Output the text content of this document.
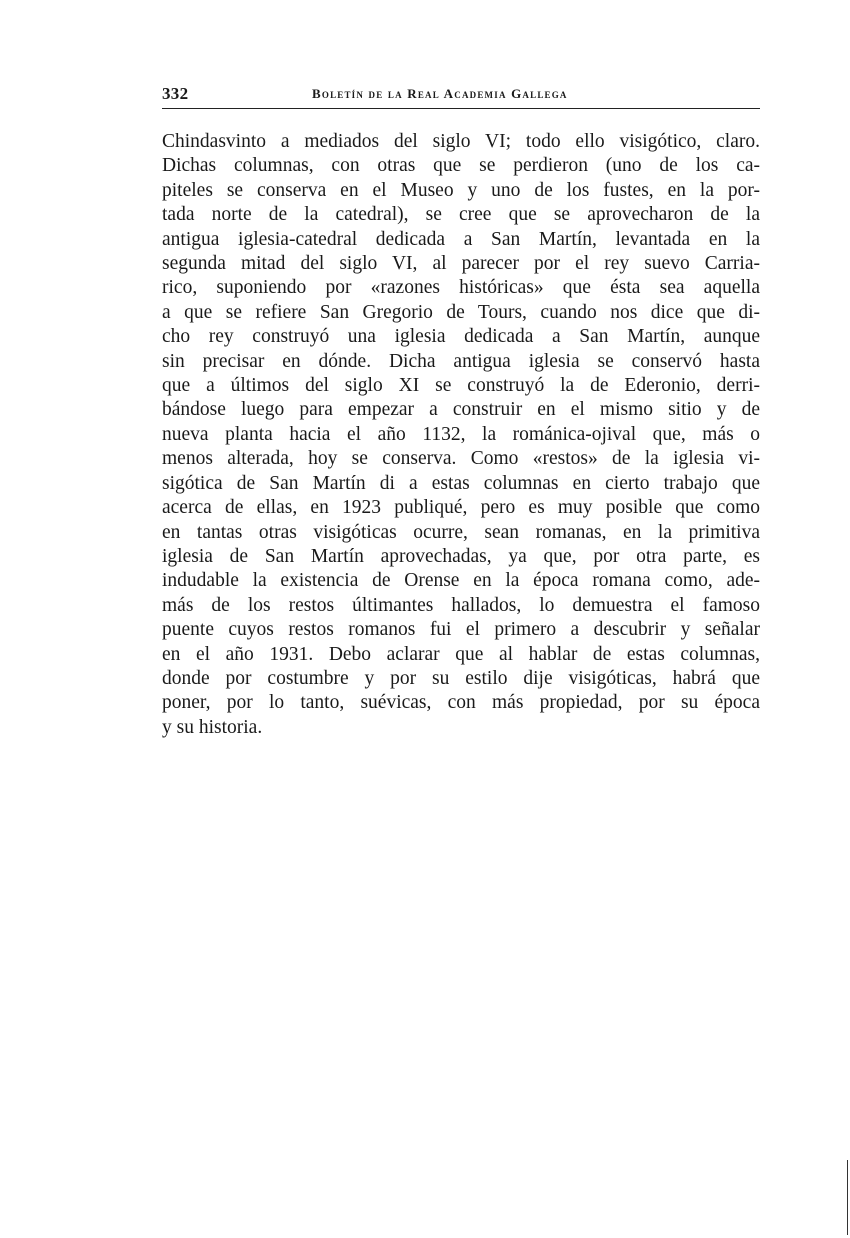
332	Boletín de la Real Academia Gallega
Chindasvinto a mediados del siglo VI; todo ello visigótico, claro.
Dichas columnas, con otras que se perdieron (uno de los ca-
piteles se conserva en el Museo y uno de los fustes, en la por-
tada norte de la catedral), se cree que se aprovecharon de la
antigua iglesia-catedral dedicada a San Martín, levantada en la
segunda mitad del siglo VI, al parecer por el rey suevo Carria-
rico, suponiendo por «razones históricas» que ésta sea aquella
a que se refiere San Gregorio de Tours, cuando nos dice que di-
cho rey construyó una iglesia dedicada a San Martín, aunque
sin precisar en dónde. Dicha antigua iglesia se conservó hasta
que a últimos del siglo XI se construyó la de Ederonio, derri-
bándose luego para empezar a construir en el mismo sitio y de
nueva planta hacia el año 1132, la románica-ojival que, más o
menos alterada, hoy se conserva. Como «restos» de la iglesia vi-
sigótica de San Martín di a estas columnas en cierto trabajo que
acerca de ellas, en 1923 publiqué, pero es muy posible que como
en tantas otras visigóticas ocurre, sean romanas, en la primitiva
iglesia de San Martín aprovechadas, ya que, por otra parte, es
indudable la existencia de Orense en la época romana como, ade-
más de los restos últimantes hallados, lo demuestra el famoso
puente cuyos restos romanos fui el primero a descubrir y señalar
en el año 1931. Debo aclarar que al hablar de estas columnas,
donde por costumbre y por su estilo dije visigóticas, habrá que
poner, por lo tanto, suévicas, con más propiedad, por su época
y su historia.
